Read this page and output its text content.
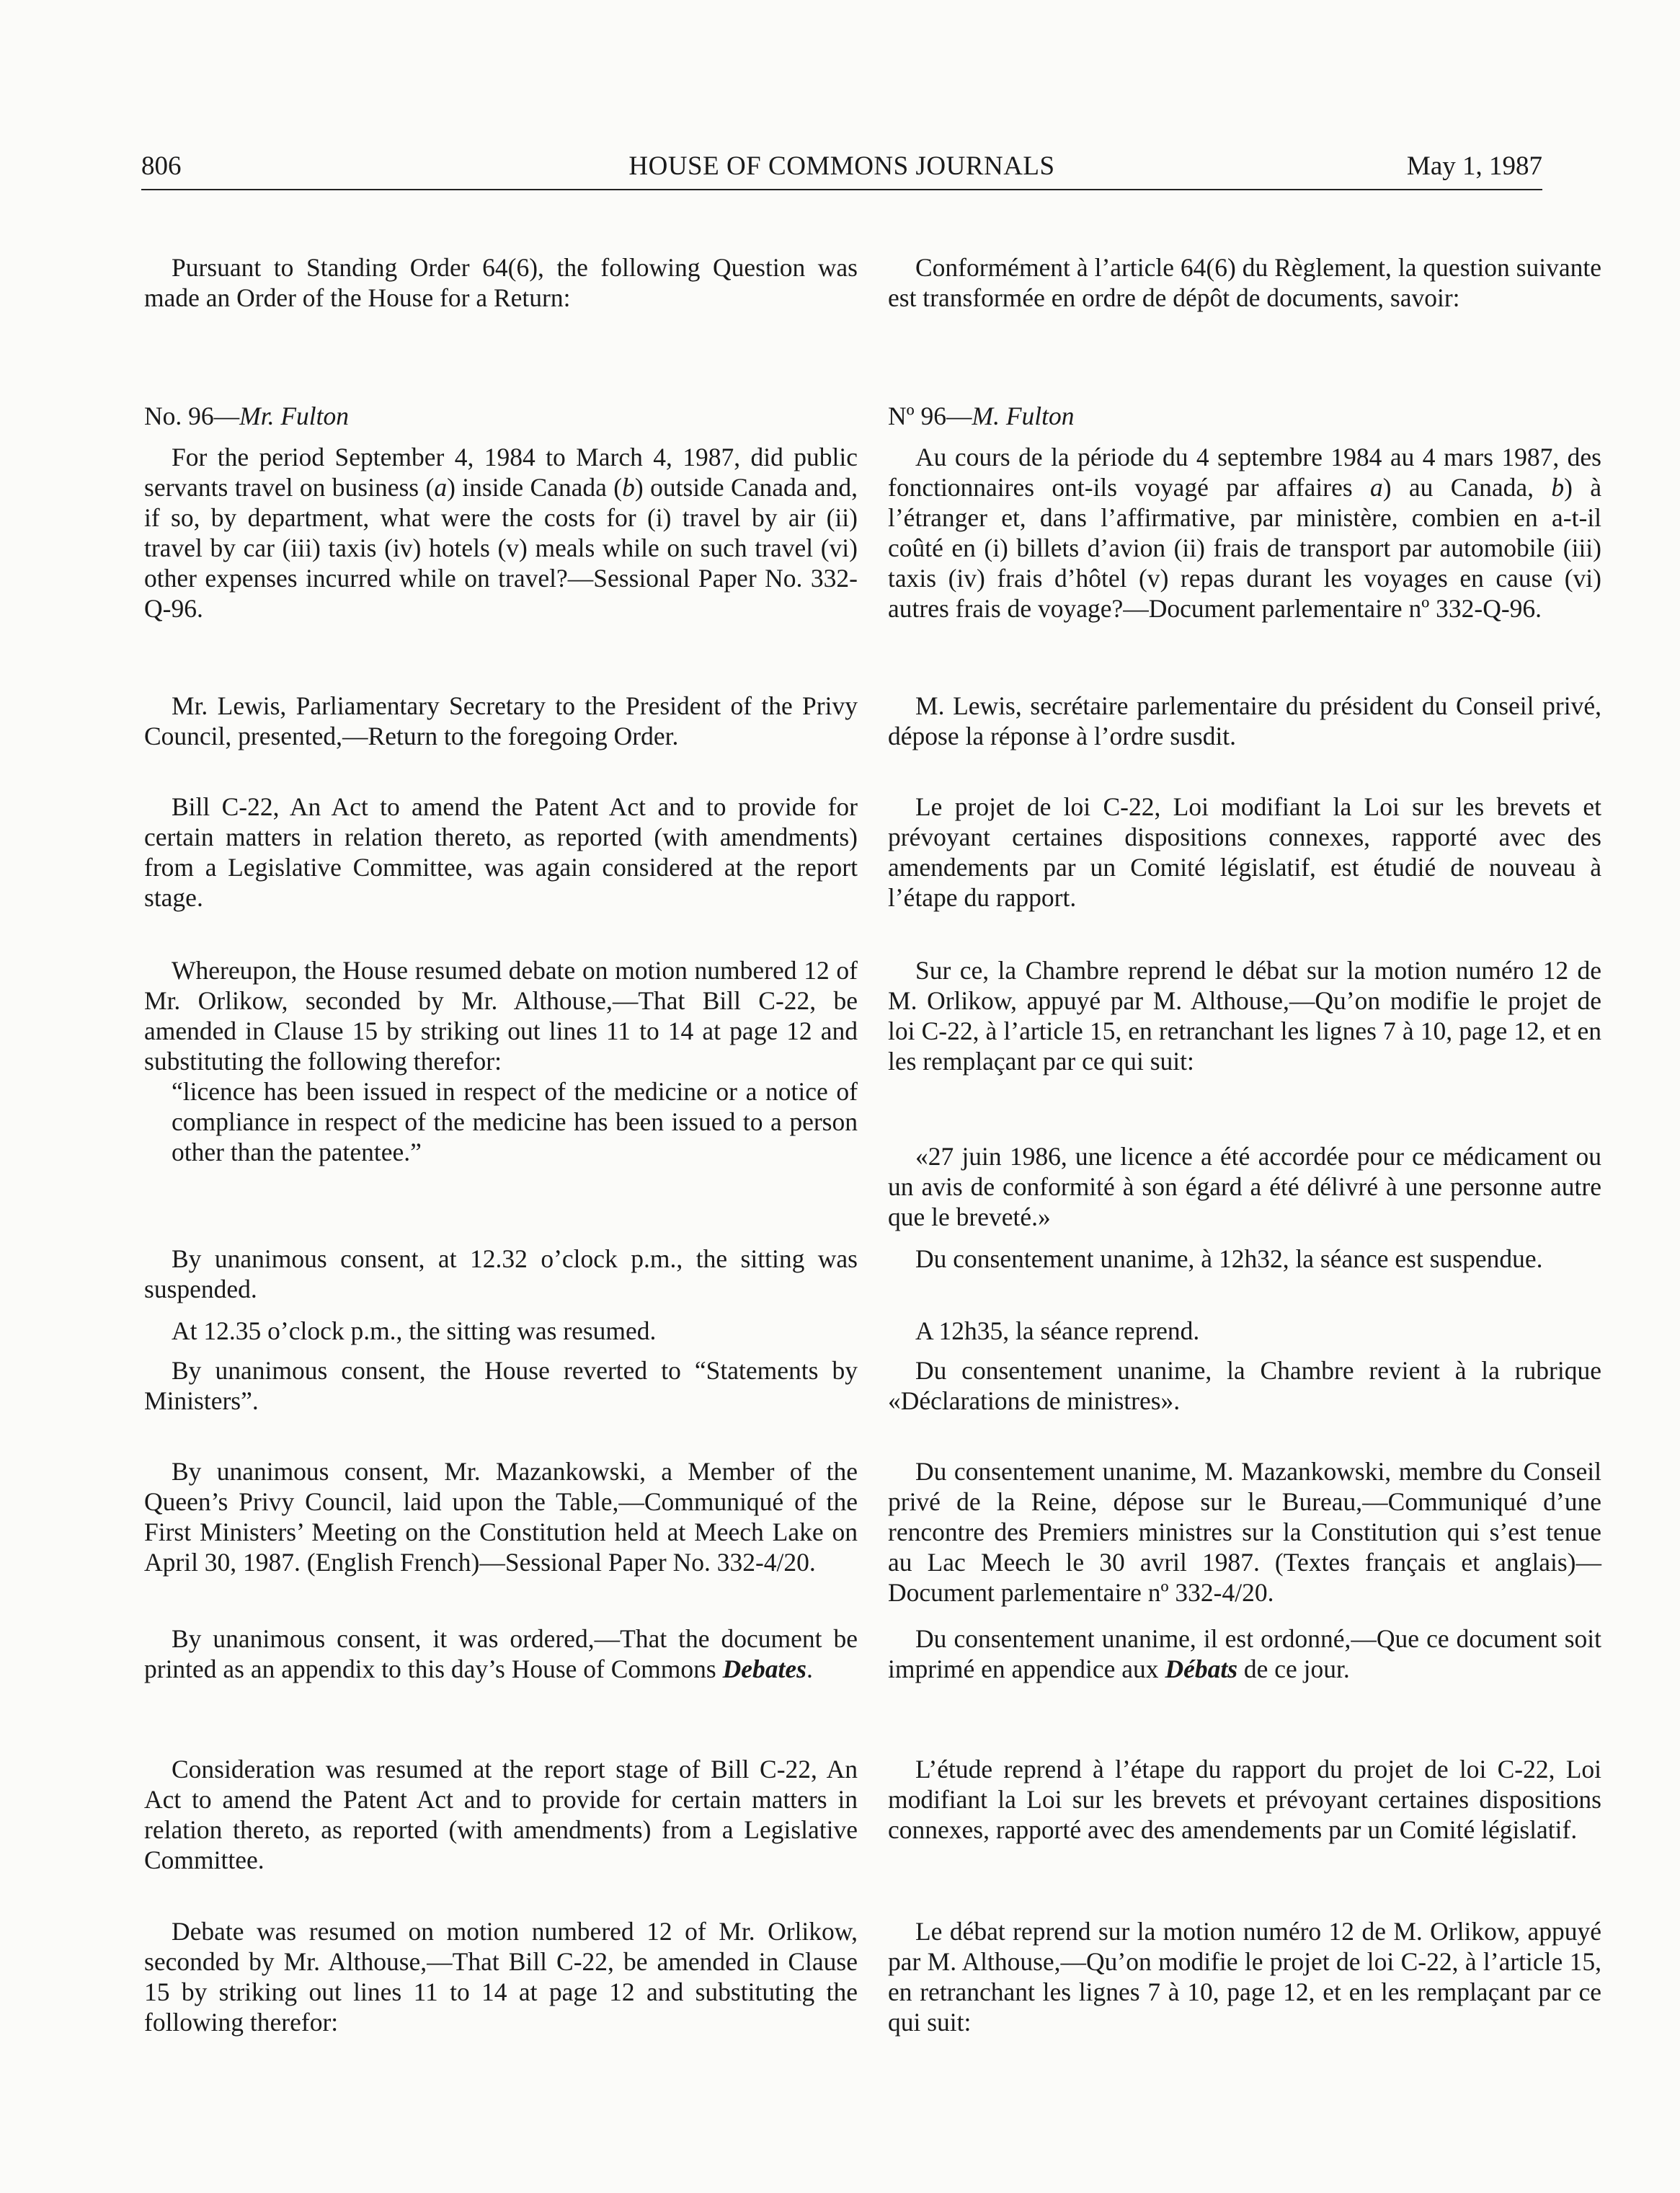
806	HOUSE OF COMMONS JOURNALS	May 1, 1987

Pursuant to Standing Order 64(6), the following Question was made an Order of the House for a Return:

No. 96—Mr. Fulton

For the period September 4, 1984 to March 4, 1987, did public servants travel on business (a) inside Canada (b) outside Canada and, if so, by department, what were the costs for (i) travel by air (ii) travel by car (iii) taxis (iv) hotels (v) meals while on such travel (vi) other expenses incurred while on travel?—Sessional Paper No. 332-Q-96.

Mr. Lewis, Parliamentary Secretary to the President of the Privy Council, presented,—Return to the foregoing Order.

Bill C-22, An Act to amend the Patent Act and to provide for certain matters in relation thereto, as reported (with amendments) from a Legislative Committee, was again considered at the report stage.

Whereupon, the House resumed debate on motion numbered 12 of Mr. Orlikow, seconded by Mr. Althouse,—That Bill C-22, be amended in Clause 15 by striking out lines 11 to 14 at page 12 and substituting the following therefor:

“licence has been issued in respect of the medicine or a notice of compliance in respect of the medicine has been issued to a person other than the patentee.”

By unanimous consent, at 12.32 o’clock p.m., the sitting was suspended.

At 12.35 o’clock p.m., the sitting was resumed.

By unanimous consent, the House reverted to “Statements by Ministers”.

By unanimous consent, Mr. Mazankowski, a Member of the Queen’s Privy Council, laid upon the Table,—Communiqué of the First Ministers’ Meeting on the Constitution held at Meech Lake on April 30, 1987. (English French)—Sessional Paper No. 332-4/20.

By unanimous consent, it was ordered,—That the document be printed as an appendix to this day’s House of Commons Debates.

Consideration was resumed at the report stage of Bill C-22, An Act to amend the Patent Act and to provide for certain matters in relation thereto, as reported (with amendments) from a Legislative Committee.

Debate was resumed on motion numbered 12 of Mr. Orlikow, seconded by Mr. Althouse,—That Bill C-22, be amended in Clause 15 by striking out lines 11 to 14 at page 12 and substituting the following therefor:

Conformément à l’article 64(6) du Règlement, la question suivante est transformée en ordre de dépôt de documents, savoir:

Nº 96—M. Fulton

Au cours de la période du 4 septembre 1984 au 4 mars 1987, des fonctionnaires ont-ils voyagé par affaires a) au Canada, b) à l’étranger et, dans l’affirmative, par ministère, combien en a-t-il coûté en (i) billets d’avion (ii) frais de transport par automobile (iii) taxis (iv) frais d’hôtel (v) repas durant les voyages en cause (vi) autres frais de voyage?—Document parlementaire nº 332-Q-96.

M. Lewis, secrétaire parlementaire du président du Conseil privé, dépose la réponse à l’ordre susdit.

Le projet de loi C-22, Loi modifiant la Loi sur les brevets et prévoyant certaines dispositions connexes, rapporté avec des amendements par un Comité législatif, est étudié de nouveau à l’étape du rapport.

Sur ce, la Chambre reprend le débat sur la motion numéro 12 de M. Orlikow, appuyé par M. Althouse,—Qu’on modifie le projet de loi C-22, à l’article 15, en retranchant les lignes 7 à 10, page 12, et en les remplaçant par ce qui suit:

«27 juin 1986, une licence a été accordée pour ce médicament ou un avis de conformité à son égard a été délivré à une personne autre que le breveté.»

Du consentement unanime, à 12h32, la séance est suspendue.

A 12h35, la séance reprend.

Du consentement unanime, la Chambre revient à la rubrique «Déclarations de ministres».

Du consentement unanime, M. Mazankowski, membre du Conseil privé de la Reine, dépose sur le Bureau,—Communiqué d’une rencontre des Premiers ministres sur la Constitution qui s’est tenue au Lac Meech le 30 avril 1987. (Textes français et anglais)—Document parlementaire nº 332-4/20.

Du consentement unanime, il est ordonné,—Que ce document soit imprimé en appendice aux Débats de ce jour.

L’étude reprend à l’étape du rapport du projet de loi C-22, Loi modifiant la Loi sur les brevets et prévoyant certaines dispositions connexes, rapporté avec des amendements par un Comité législatif.

Le débat reprend sur la motion numéro 12 de M. Orlikow, appuyé par M. Althouse,—Qu’on modifie le projet de loi C-22, à l’article 15, en retranchant les lignes 7 à 10, page 12, et en les remplaçant par ce qui suit:
